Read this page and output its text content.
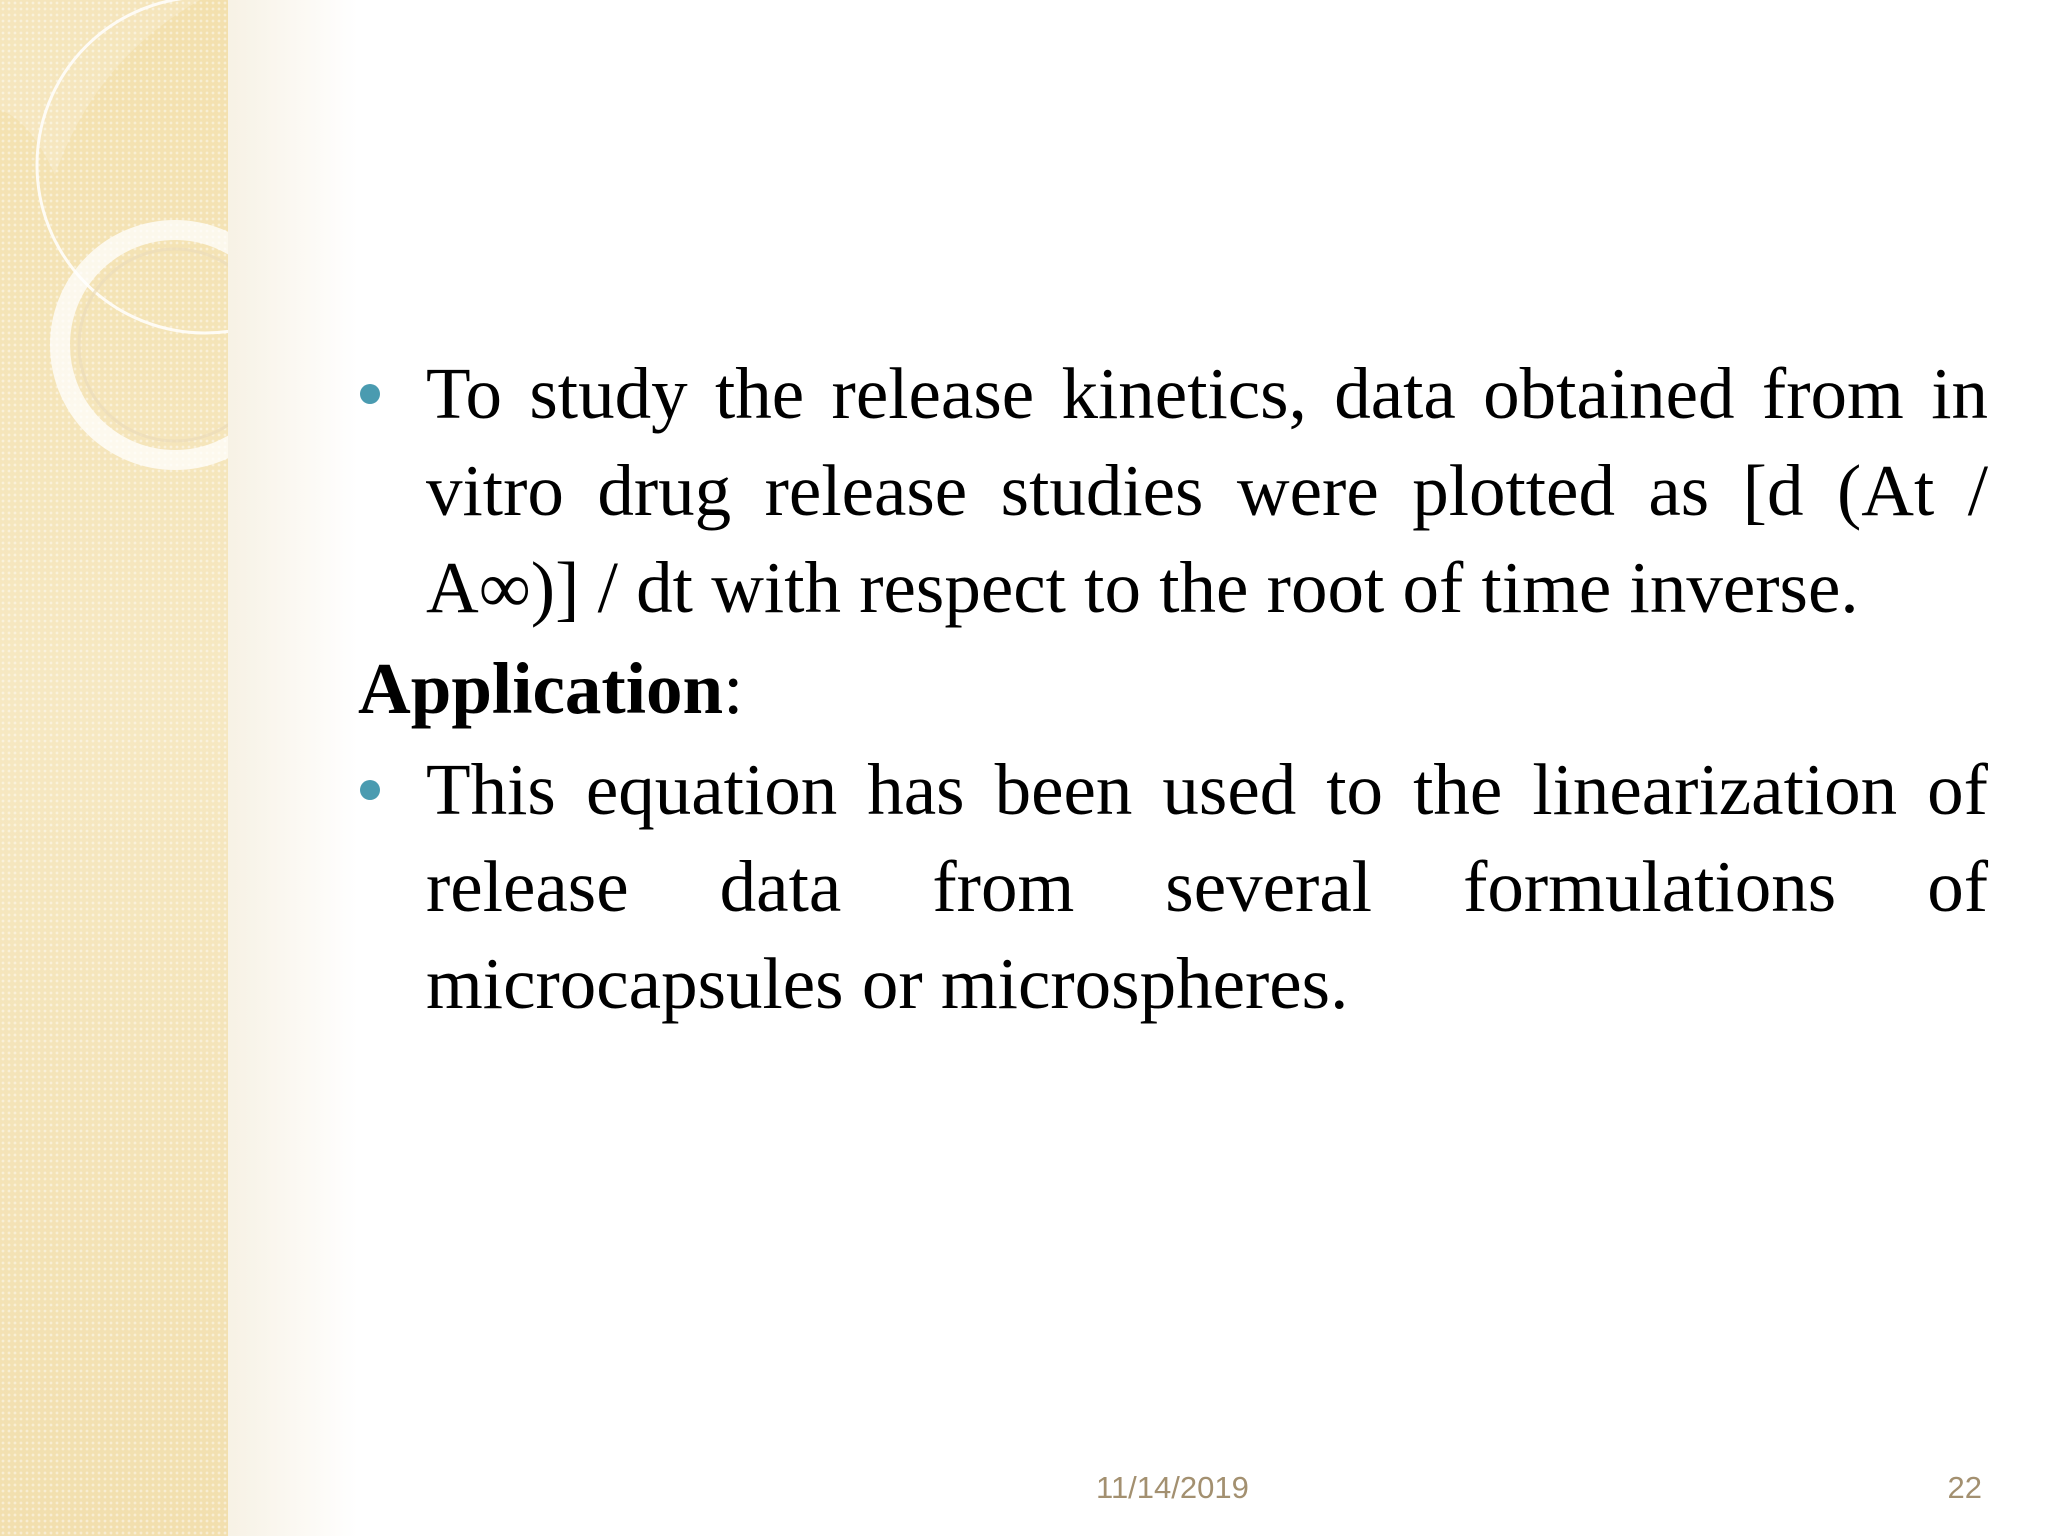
To study the release kinetics, data obtained from in vitro drug release studies were plotted as [d (At / A∞)] / dt with respect to the root of time inverse.
Application:
This equation has been used to the linearization of release data from several formulations of microcapsules or microspheres.
11/14/2019	22
